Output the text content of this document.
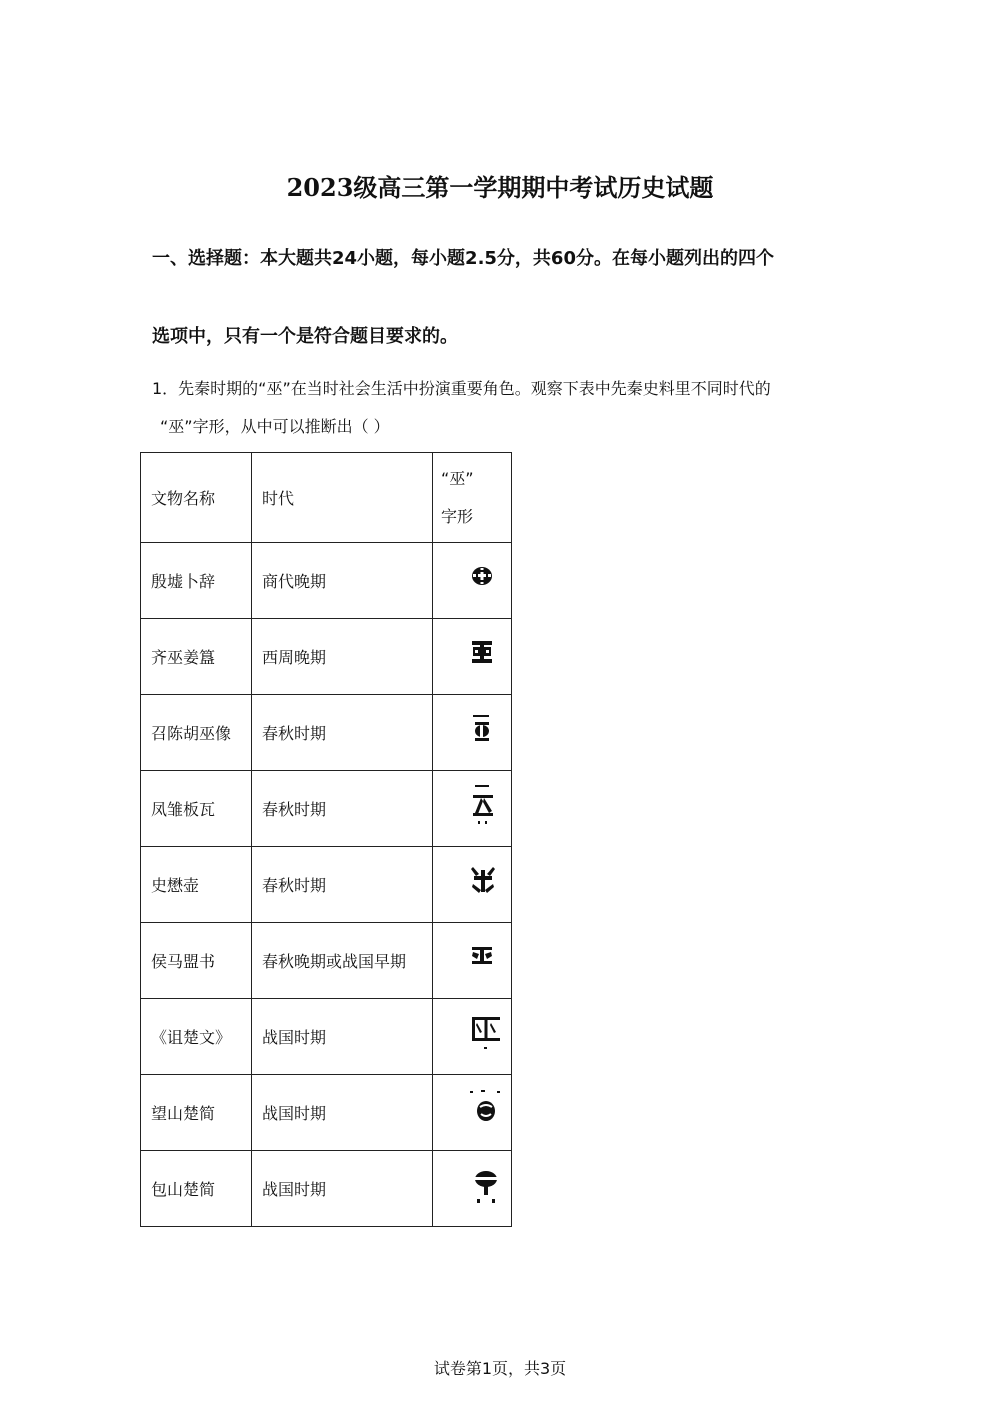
2023级高三第一学期期中考试历史试题
一、选择题：本大题共24小题，每小题2.5分，共60分。在每小题列出的四个
选项中，只有一个是符合题目要求的。
1．先秦时期的“巫”在当时社会生活中扮演重要角色。观察下表中先秦史料里不同时代的
“巫”字形，从中可以推断出（ ）
文物名称	时代	“巫”
字形

殷墟卜辞	商代晚期	

齐巫姜簋	西周晚期	

召陈胡巫像	春秋时期	

凤雏板瓦	春秋时期	

史懋壶	春秋时期	

侯马盟书	春秋晚期或战国早期	

《诅楚文》	战国时期	

望山楚简	战国时期	

包山楚简	战国时期	
试卷第1页，共3页
